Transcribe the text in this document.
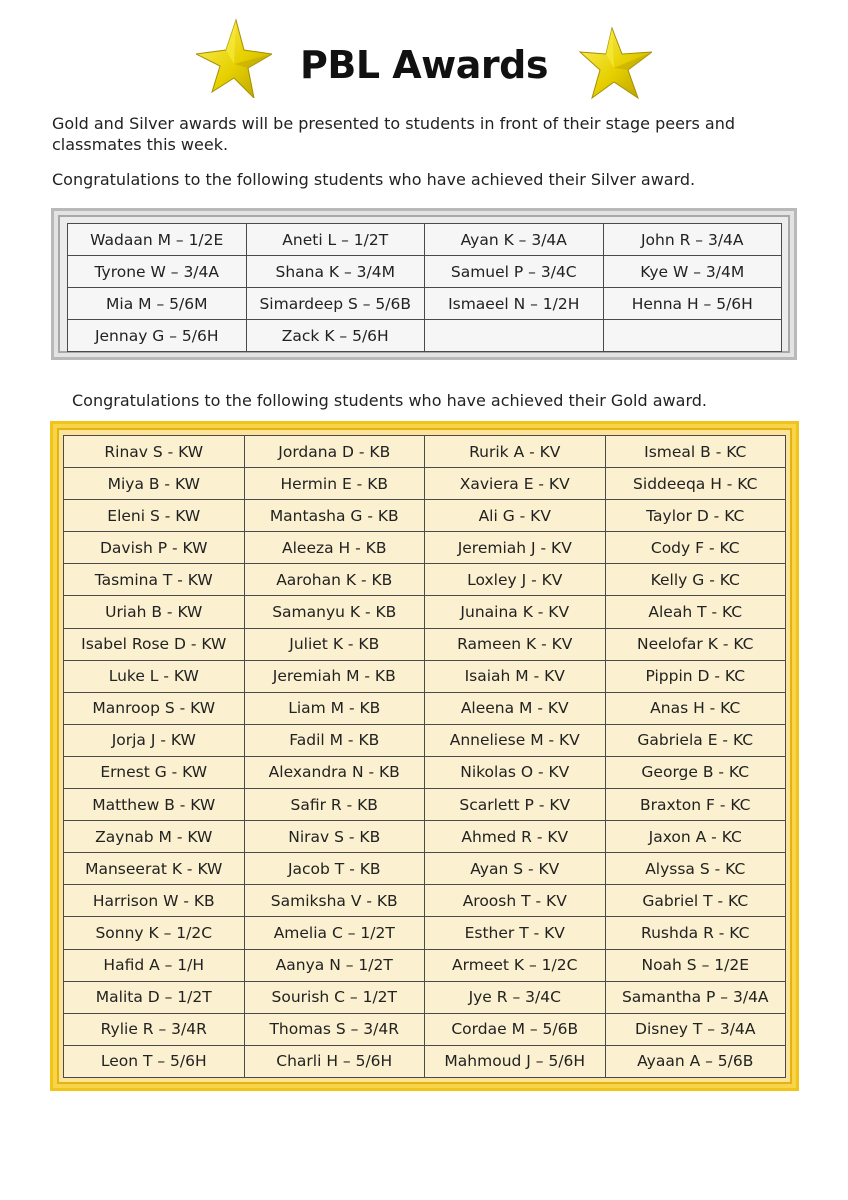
PBL Awards

Gold and Silver awards will be presented to students in front of their stage peers and classmates this week.

Congratulations to the following students who have achieved their Silver award.

Wadaan M – 1/2E	Aneti L – 1/2T	Ayan K – 3/4A	John R – 3/4A
Tyrone W – 3/4A	Shana K – 3/4M	Samuel P – 3/4C	Kye W – 3/4M
Mia M – 5/6M	Simardeep S – 5/6B	Ismaeel N – 1/2H	Henna H – 5/6H
Jennay G – 5/6H	Zack K – 5/6H		

Congratulations to the following students who have achieved their Gold award.

Rinav S - KW	Jordana D - KB	Rurik A - KV	Ismeal B - KC
Miya B - KW	Hermin E - KB	Xaviera E - KV	Siddeeqa H - KC
Eleni S - KW	Mantasha G - KB	Ali G - KV	Taylor D - KC
Davish P - KW	Aleeza H - KB	Jeremiah J - KV	Cody F - KC
Tasmina T - KW	Aarohan K - KB	Loxley J - KV	Kelly G - KC
Uriah B - KW	Samanyu K - KB	Junaina K - KV	Aleah T - KC
Isabel Rose D - KW	Juliet K - KB	Rameen K - KV	Neelofar K - KC
Luke L - KW	Jeremiah M - KB	Isaiah M - KV	Pippin D - KC
Manroop S - KW	Liam M - KB	Aleena M - KV	Anas H - KC
Jorja J - KW	Fadil M - KB	Anneliese M - KV	Gabriela E - KC
Ernest G - KW	Alexandra N - KB	Nikolas O - KV	George B - KC
Matthew B - KW	Safir R - KB	Scarlett P - KV	Braxton F - KC
Zaynab M - KW	Nirav S - KB	Ahmed R - KV	Jaxon A - KC
Manseerat K - KW	Jacob T - KB	Ayan S - KV	Alyssa S - KC
Harrison W - KB	Samiksha V - KB	Aroosh T - KV	Gabriel T - KC
Sonny K – 1/2C	Amelia C – 1/2T	Esther T - KV	Rushda R - KC
Hafid A – 1/H	Aanya N – 1/2T	Armeet K – 1/2C	Noah S – 1/2E
Malita D – 1/2T	Sourish C – 1/2T	Jye R – 3/4C	Samantha P – 3/4A
Rylie R – 3/4R	Thomas S – 3/4R	Cordae M – 5/6B	Disney T – 3/4A
Leon T – 5/6H	Charli H – 5/6H	Mahmoud J – 5/6H	Ayaan A – 5/6B
